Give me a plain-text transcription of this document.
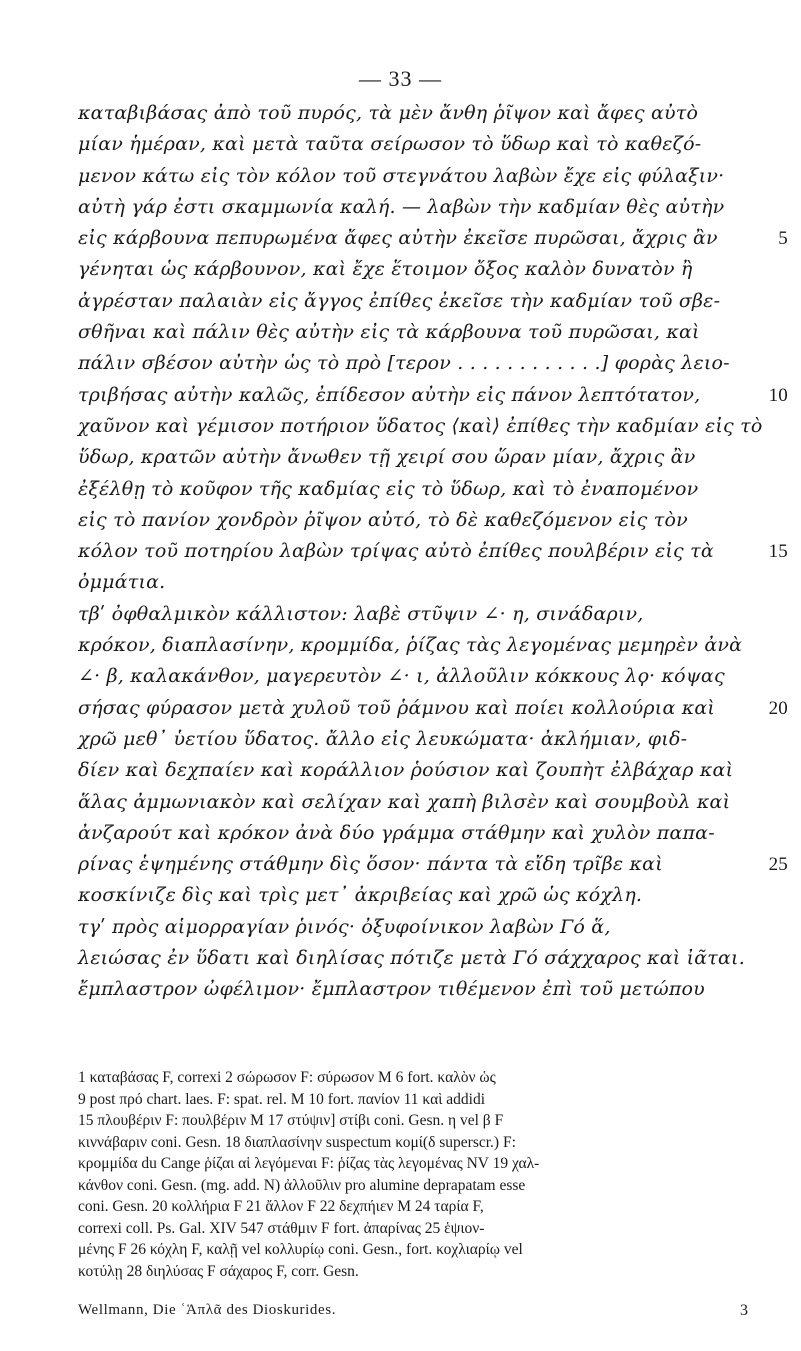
— 33 —
καταβιβάσας ἀπὸ τοῦ πυρός, τὰ μὲν ἄνθη ῥῖψον καὶ ἄφες αὐτὸ
μίαν ἡμέραν, καὶ μετὰ ταῦτα σείρωσον τὸ ὕδωρ καὶ τὸ καθεζό-
μενον κάτω εἰς τὸν κόλον τοῦ στεγνάτου λαβὼν ἔχε εἰς φύλαξιν·
αὐτὴ γάρ ἐστι σκαμμωνία καλή. — λαβὼν τὴν καδμίαν θὲς αὐτὴν
εἰς κάρβουνα πεπυρωμένα ἄφες αὐτὴν ἐκεῖσε πυρῶσαι, ἄχρις ἂν	5
γένηται ὡς κάρβουνον, καὶ ἔχε ἕτοιμον ὄξος καλὸν δυνατὸν ἢ
ἀγρέσταν παλαιὰν εἰς ἄγγος ἐπίθες ἐκεῖσε τὴν καδμίαν τοῦ σβε-
σθῆναι καὶ πάλιν θὲς αὐτὴν εἰς τὰ κάρβουνα τοῦ πυρῶσαι, καὶ
πάλιν σβέσον αὐτὴν ὡς τὸ πρὸ [τερον . . . . . . . . . . . .] φορὰς λειο-
τριβήσας αὐτὴν καλῶς, ἐπίδεσον αὐτὴν εἰς πάνον λεπτότατον,	10
χαῦνον καὶ γέμισον ποτήριον ὕδατος ⟨καὶ⟩ ἐπίθες τὴν καδμίαν εἰς τὸ
ὕδωρ, κρατῶν αὐτὴν ἄνωθεν τῇ χειρί σου ὥραν μίαν, ἄχρις ἂν
ἐξέλθῃ τὸ κοῦφον τῆς καδμίας εἰς τὸ ὕδωρ, καὶ τὸ ἐναπομένον
εἰς τὸ πανίον χονδρὸν ῥῖψον αὐτό, τὸ δὲ καθεζόμενον εἰς τὸν
κόλον τοῦ ποτηρίου λαβὼν τρίψας αὐτὸ ἐπίθες πουλβέριν εἰς τὰ	15
ὀμμάτια.
τβʹ ὀφθαλμικὸν κάλλιστον: λαβὲ στῦψιν ∠· η, σινάδαριν,
κρόκον, διαπλασίνην, κρομμίδα, ῥίζας τὰς λεγομένας μεμηρὲν ἀνὰ
∠· β, καλακάνθον, μαγερευτὸν ∠· ι, ἀλλοῦλιν κόκκους λϙ· κόψας
σήσας φύρασον μετὰ χυλοῦ τοῦ ῥάμνου καὶ ποίει κολλούρια καὶ	20
χρῶ μεθ᾽ ὑετίου ὕδατος. ἄλλο εἰς λευκώματα· ἀκλήμιαν, φιδ-
δίεν καὶ δεχπαίεν καὶ κοράλλιον ῥούσιον καὶ ζουπὴτ ἐλβάχαρ καὶ
ἅλας ἀμμωνιακὸν καὶ σελίχαν καὶ χαπὴ βιλσὲν καὶ σουμβοὺλ καὶ
ἀνζαρούτ καὶ κρόκον ἀνὰ δύο γράμμα στάθμην καὶ χυλὸν παπα-
ρίνας ἑψημένης στάθμην δὶς ὅσον· πάντα τὰ εἴδη τρῖβε καὶ	25
κοσκίνιζε δὶς καὶ τρὶς μετ᾽ ἀκριβείας καὶ χρῶ ὡς κόχλη.
τγʹ πρὸς αἱμορραγίαν ῥινός· ὀξυφοίνικον λαβὼν Γό ἅ,
λειώσας ἐν ὕδατι καὶ διηλίσας πότιζε μετὰ Γό σάχχαρος καὶ ἰᾶται.
ἔμπλαστρον ὠφέλιμον· ἔμπλαστρον τιθέμενον ἐπὶ τοῦ μετώπου
1 καταβάσας F, correxi 2 σώρωσον F: σύρωσον M 6 fort. καλὸν ὡς
9 post πρό chart. laes. F: spat. rel. M 10 fort. πανίον 11 καὶ addidi
15 πλουβέριν F: πουλβέριν M 17 στύψιν] στίβι coni. Gesn. η vel β F
κιννάβαριν coni. Gesn. 18 διαπλασίνην suspectum κομί(δ superscr.) F:
κρομμίδα du Cange ῥίζαι αἱ λεγόμεναι F: ῥίζας τὰς λεγομένας NV 19 χαλ-
κάνθον coni. Gesn. (mg. add. N) ἀλλοῦλιν pro alumine deprapatam esse
coni. Gesn. 20 κολλήρια F 21 ἄλλον F 22 δεχπήιεν M 24 ταρία F,
correxi coll. Ps. Gal. XIV 547 στάθμιν F fort. ἀπαρίνας 25 ἑψιον-
μένης F 26 κόχλη F, καλῇ vel κολλυρίῳ coni. Gesn., fort. κοχλιαρίῳ vel
κοτύλῃ 28 διηλύσας F σάχαρος F, corr. Gesn.
Wellmann, Die ʿἉπλᾶ des Dioskurides.	3
